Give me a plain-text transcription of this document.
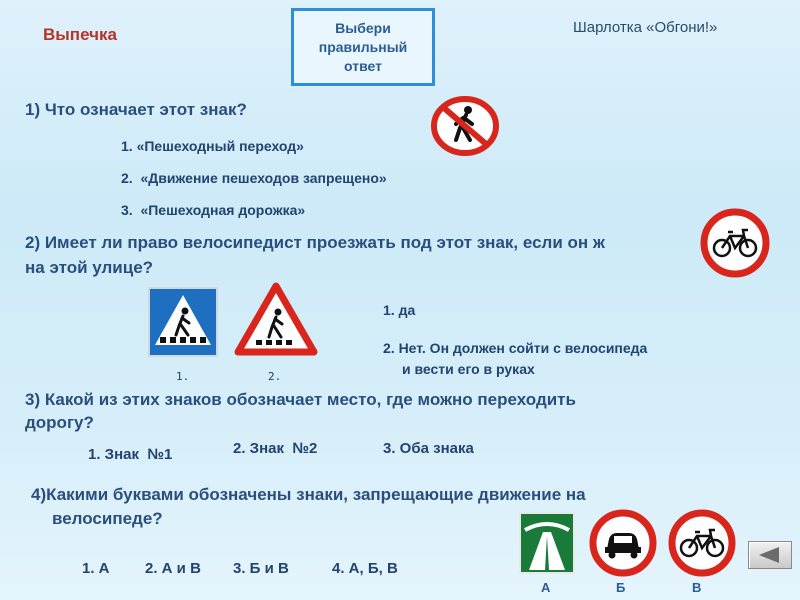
Выпечка	Выбери
правильный
ответ
Шарлотка «Обгони!»
1) Что означает этот знак?
1. «Пешеходный переход»
2.  «Движение пешеходов запрещено»
3.  «Пешеходная дорожка»
2) Имеет ли право велосипедист проезжать под этот знак, если он ж
на этой улице?
1.	2.
1. да
2. Нет. Он должен сойти с велосипеда
и вести его в руках
3) Какой из этих знаков обозначает место, где можно переходить
дорогу?
1. Знак  №1	2. Знак  №2	3. Оба знака
4)Какими буквами обозначены знаки, запрещающие движение на
велосипеде?
А	Б	В
1. А 2. А и В 3. Б и В	4. А, Б, В
